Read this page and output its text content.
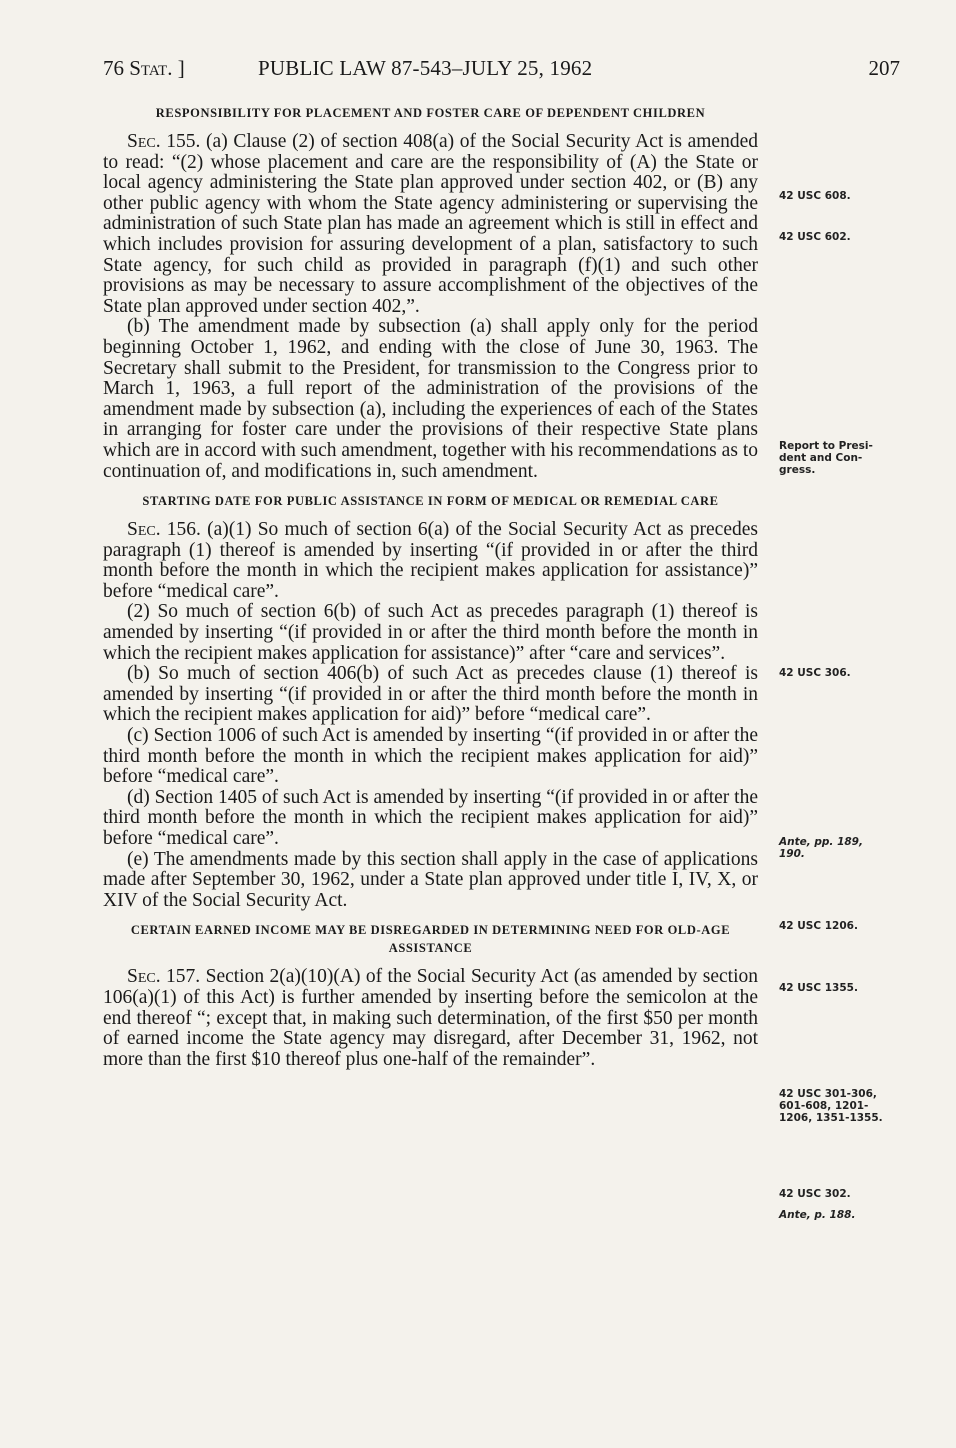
76 Stat. ]	PUBLIC LAW 87-543–JULY 25, 1962	207
RESPONSIBILITY FOR PLACEMENT AND FOSTER CARE OF DEPENDENT CHILDREN

Sec. 155. (a) Clause (2) of section 408(a) of the Social Security Act is amended to read: “(2) whose placement and care are the responsibility of (A) the State or local agency administering the State plan approved under section 402, or (B) any other public agency with whom the State agency administering or supervising the administration of such State plan has made an agreement which is still in effect and which includes provision for assuring development of a plan, satisfactory to such State agency, for such child as provided in paragraph (f)(1) and such other provisions as may be necessary to assure accomplishment of the objectives of the State plan approved under section 402,”.

(b) The amendment made by subsection (a) shall apply only for the period beginning October 1, 1962, and ending with the close of June 30, 1963. The Secretary shall submit to the President, for transmission to the Congress prior to March 1, 1963, a full report of the administration of the provisions of the amendment made by subsection (a), including the experiences of each of the States in arranging for foster care under the provisions of their respective State plans which are in accord with such amendment, together with his recommendations as to continuation of, and modifications in, such amendment.

STARTING DATE FOR PUBLIC ASSISTANCE IN FORM OF MEDICAL OR REMEDIAL CARE

Sec. 156. (a)(1) So much of section 6(a) of the Social Security Act as precedes paragraph (1) thereof is amended by inserting “(if provided in or after the third month before the month in which the recipient makes application for assistance)” before “medical care”.

(2) So much of section 6(b) of such Act as precedes paragraph (1) thereof is amended by inserting “(if provided in or after the third month before the month in which the recipient makes application for assistance)” after “care and services”.

(b) So much of section 406(b) of such Act as precedes clause (1) thereof is amended by inserting “(if provided in or after the third month before the month in which the recipient makes application for aid)” before “medical care”.

(c) Section 1006 of such Act is amended by inserting “(if provided in or after the third month before the month in which the recipient makes application for aid)” before “medical care”.

(d) Section 1405 of such Act is amended by inserting “(if provided in or after the third month before the month in which the recipient makes application for aid)” before “medical care”.

(e) The amendments made by this section shall apply in the case of applications made after September 30, 1962, under a State plan approved under title I, IV, X, or XIV of the Social Security Act.

CERTAIN EARNED INCOME MAY BE DISREGARDED IN DETERMINING NEED FOR OLD-AGE ASSISTANCE

Sec. 157. Section 2(a)(10)(A) of the Social Security Act (as amended by section 106(a)(1) of this Act) is further amended by inserting before the semicolon at the end thereof “; except that, in making such determination, of the first $50 per month of earned income the State agency may disregard, after December 31, 1962, not more than the first $10 thereof plus one-half of the remainder”.

42 USC 608.
42 USC 602.
Report to Presi- dent and Con- gress.
42 USC 306.
Ante, pp. 189, 190.
42 USC 1206.
42 USC 1355.
42 USC 301-306, 601-608, 1201- 1206, 1351-1355.
42 USC 302.
Ante, p. 188.
